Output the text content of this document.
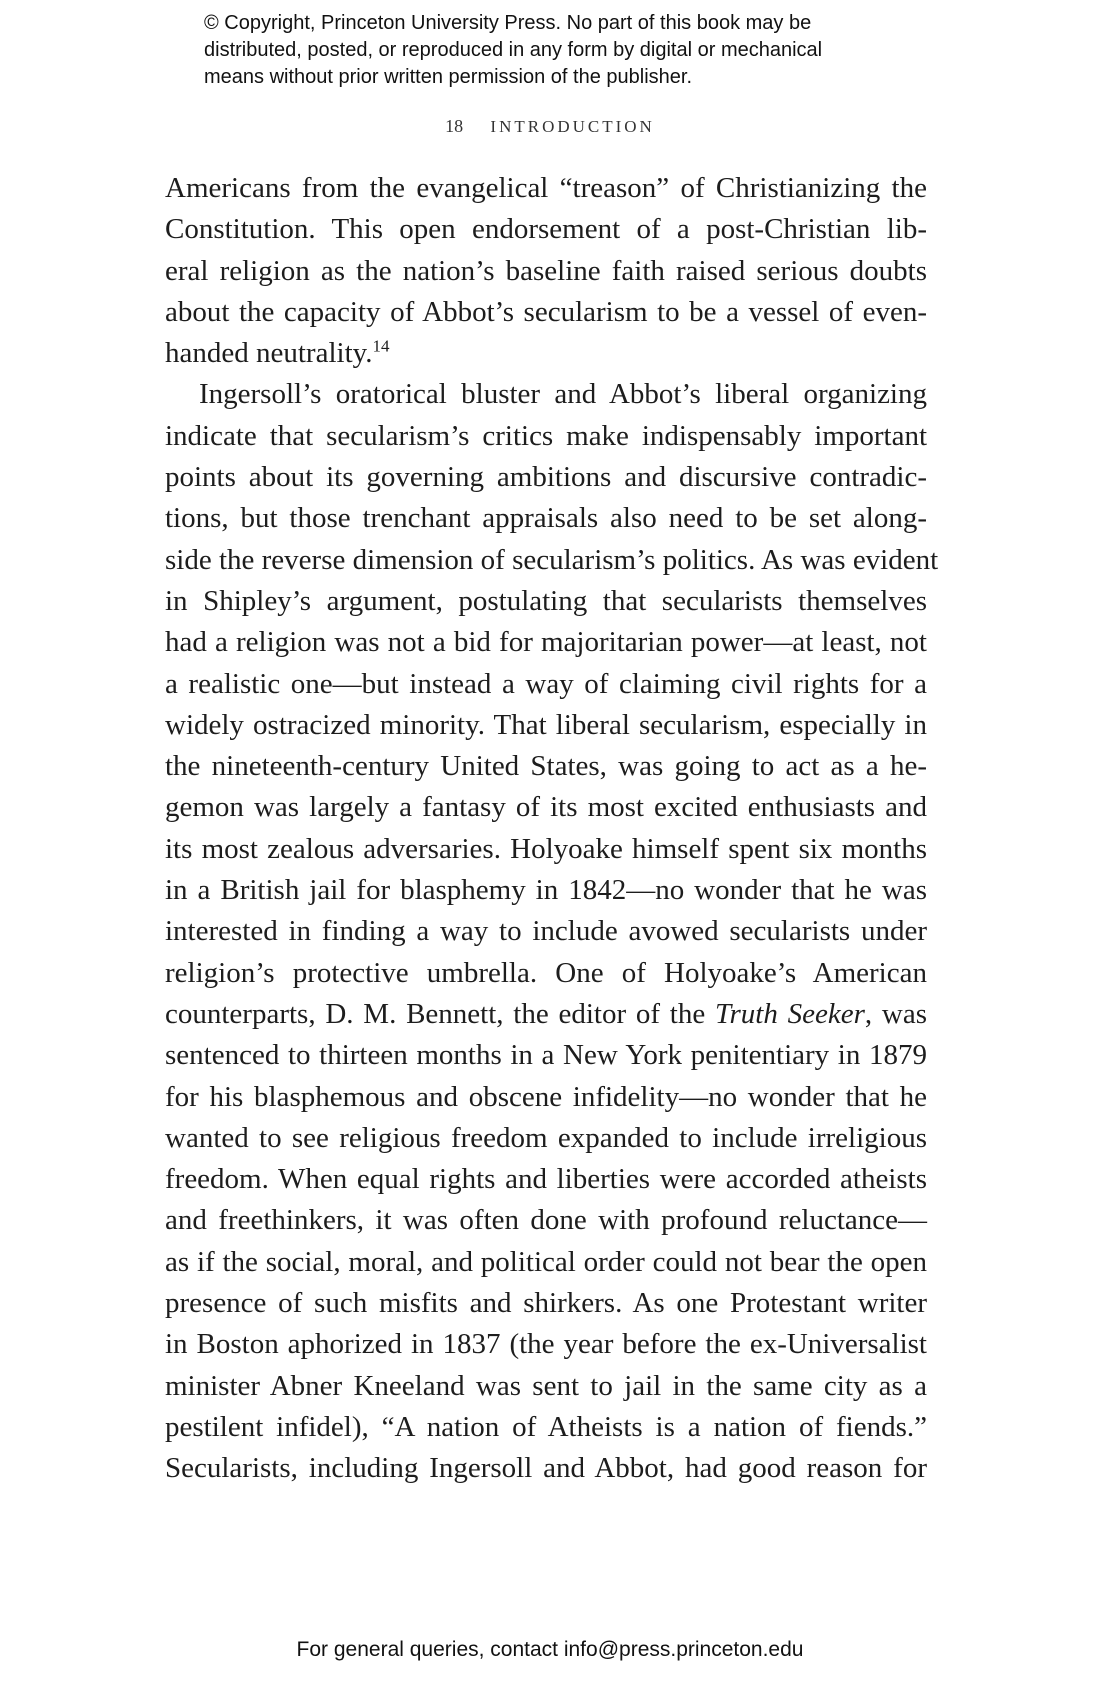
© Copyright, Princeton University Press. No part of this book may be
distributed, posted, or reproduced in any form by digital or mechanical
means without prior written permission of the publisher.
18 INTRODUCTION
Americans from the evangelical “treason” of Christianizing the
Constitution. This open endorsement of a post-Christian lib-
eral religion as the nation’s baseline faith raised serious doubts
about the capacity of Abbot’s secularism to be a vessel of even-
handed neutrality.$^{14}$
Ingersoll’s oratorical bluster and Abbot’s liberal organizing
indicate that secularism’s critics make indispensably important
points about its governing ambitions and discursive contradic-
tions, but those trenchant appraisals also need to be set along-
side the reverse dimension of secularism’s politics. As was evident
in Shipley’s argument, postulating that secularists themselves
had a religion was not a bid for majoritarian power—at least, not
a realistic one—but instead a way of claiming civil rights for a
widely ostracized minority. That liberal secularism, especially in
the nineteenth-century United States, was going to act as a he-
gemon was largely a fantasy of its most excited enthusiasts and
its most zealous adversaries. Holyoake himself spent six months
in a British jail for blasphemy in 1842—no wonder that he was
interested in finding a way to include avowed secularists under
religion’s protective umbrella. One of Holyoake’s American
counterparts, D. M. Bennett, the editor of the Truth Seeker, was
sentenced to thirteen months in a New York penitentiary in 1879
for his blasphemous and obscene infidelity—no wonder that he
wanted to see religious freedom expanded to include irreligious
freedom. When equal rights and liberties were accorded atheists
and freethinkers, it was often done with profound reluctance—
as if the social, moral, and political order could not bear the open
presence of such misfits and shirkers. As one Protestant writer
in Boston aphorized in 1837 (the year before the ex-Universalist
minister Abner Kneeland was sent to jail in the same city as a
pestilent infidel), “A nation of Atheists is a nation of fiends.”
Secularists, including Ingersoll and Abbot, had good reason for
For general queries, contact info@press.princeton.edu
